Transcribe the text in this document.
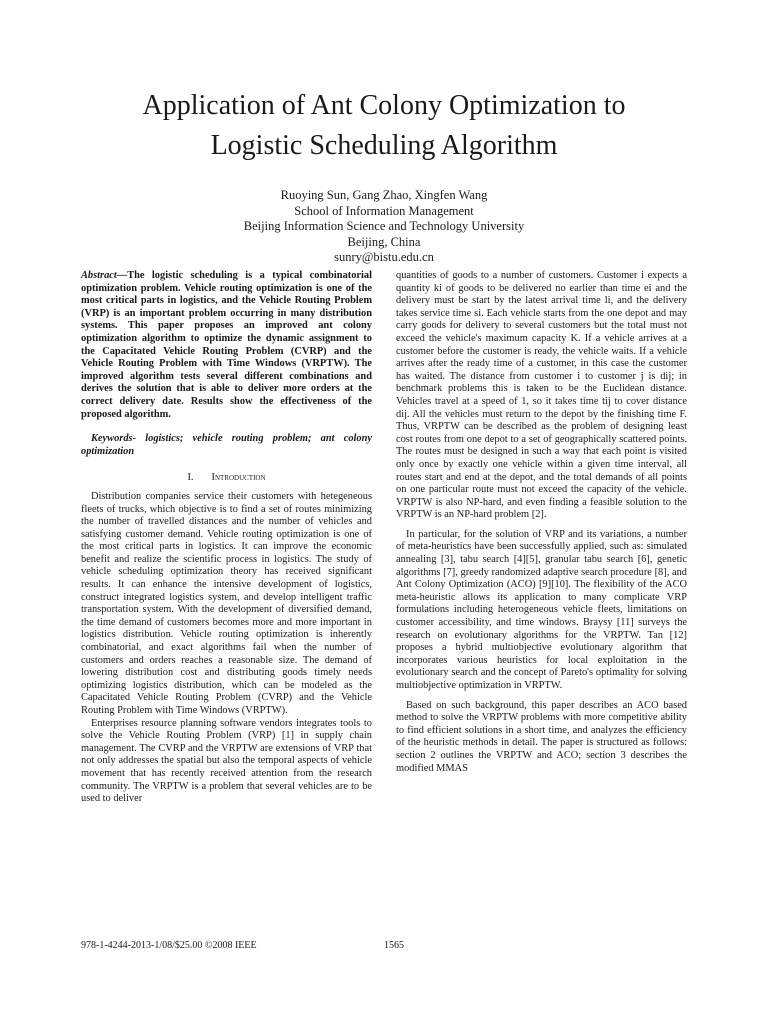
Application of Ant Colony Optimization to
Logistic Scheduling Algorithm
Ruoying Sun, Gang Zhao, Xingfen Wang
School of Information Management
Beijing Information Science and Technology University
Beijing, China
sunry@bistu.edu.cn

Abstract—The logistic scheduling is a typical combinatorial optimization problem. Vehicle routing optimization is one of the most critical parts in logistics, and the Vehicle Routing Problem (VRP) is an important problem occurring in many distribution systems. This paper proposes an improved ant colony optimization algorithm to optimize the dynamic assignment to the Capacitated Vehicle Routing Problem (CVRP) and the Vehicle Routing Problem with Time Windows (VRPTW). The improved algorithm tests several different combinations and derives the solution that is able to deliver more orders at the correct delivery date. Results show the effectiveness of the proposed algorithm.

Keywords- logistics; vehicle routing problem; ant colony optimization

I. Introduction

Distribution companies service their customers with hetegeneous fleets of trucks, which objective is to find a set of routes minimizing the number of travelled distances and the number of vehicles and satisfying customer demand. Vehicle routing optimization is one of the most critical parts in logistics. It can improve the economic benefit and realize the scientific process in logistics. The study of vehicle scheduling optimization theory has received significant results. It can enhance the intensive development of logistics, construct integrated logistics system, and develop intelligent traffic transportation system. With the development of diversified demand, the time demand of customers becomes more and more important in logistics distribution. Vehicle routing optimization is inherently combinatorial, and exact algorithms fail when the number of customers and orders reaches a reasonable size. The demand of lowering distribution cost and distributing goods timely needs optimizing logistics distribution, which can be modeled as the Capacitated Vehicle Routing Problem (CVRP) and the Vehicle Routing Problem with Time Windows (VRPTW).

Enterprises resource planning software vendors integrates tools to solve the Vehicle Routing Problem (VRP) [1] in supply chain management. The CVRP and the VRPTW are extensions of VRP that not only addresses the spatial but also the temporal aspects of vehicle movement that has recently received attention from the research community. The VRPTW is a problem that several vehicles are to be used to deliver

quantities of goods to a number of customers. Customer i expects a quantity ki of goods to be delivered no earlier than time ei and the delivery must be start by the latest arrival time li, and the delivery takes service time si. Each vehicle starts from the one depot and may carry goods for delivery to several customers but the total must not exceed the vehicle's maximum capacity K. If a vehicle arrives at a customer before the customer is ready, the vehicle waits. If a vehicle arrives after the ready time of a customer, in this case the customer has waited. The distance from customer i to customer j is dij; in benchmark problems this is taken to be the Euclidean distance. Vehicles travel at a speed of 1, so it takes time tij to cover distance dij. All the vehicles must return to the depot by the finishing time F. Thus, VRPTW can be described as the problem of designing least cost routes from one depot to a set of geographically scattered points. The routes must be designed in such a way that each point is visited only once by exactly one vehicle within a given time interval, all routes start and end at the depot, and the total demands of all points on one particular route must not exceed the capacity of the vehicle. VRPTW is also NP-hard, and even finding a feasible solution to the VRPTW is an NP-hard problem [2].

In particular, for the solution of VRP and its variations, a number of meta-heuristics have been successfully applied, such as: simulated annealing [3], tabu search [4][5], granular tabu search [6], genetic algorithms [7], greedy randomized adaptive search procedure [8], and Ant Colony Optimization (ACO) [9][10]. The flexibility of the ACO meta-heuristic allows its application to many complicate VRP formulations including heterogeneous vehicle fleets, limitations on customer accessibility, and time windows. Braysy [11] surveys the research on evolutionary algorithms for the VRPTW. Tan [12] proposes a hybrid multiobjective evolutionary algorithm that incorporates various heuristics for local exploitation in the evolutionary search and the concept of Pareto's optimality for solving multiobjective optimization in VRPTW.

Based on such background, this paper describes an ACO based method to solve the VRPTW problems with more competitive ability to find efficient solutions in a short time, and analyzes the efficiency of the heuristic methods in detail. The paper is structured as follows: section 2 outlines the VRPTW and ACO; section 3 describes the modified MMAS

978-1-4244-2013-1/08/$25.00 ©2008 IEEE	1565
